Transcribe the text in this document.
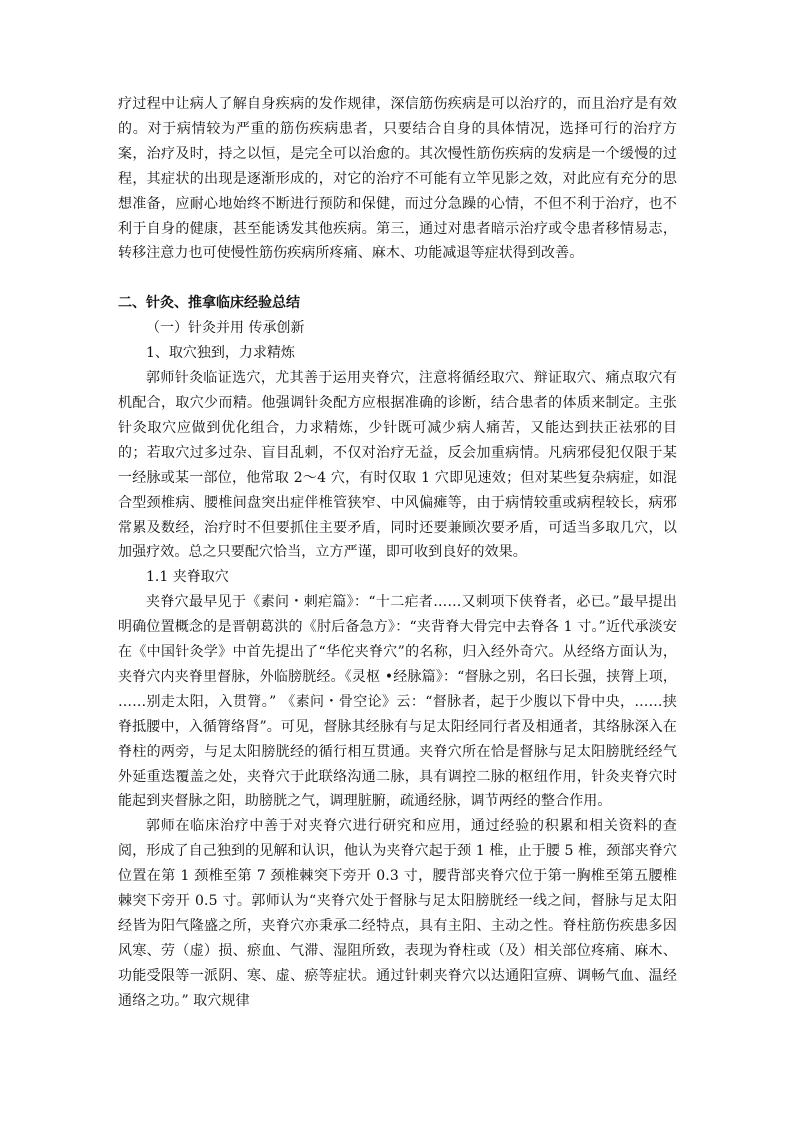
疗过程中让病人了解自身疾病的发作规律，深信筋伤疾病是可以治疗的，而且治疗是有效的。对于病情较为严重的筋伤疾病患者，只要结合自身的具体情况，选择可行的治疗方案，治疗及时，持之以恒，是完全可以治愈的。其次慢性筋伤疾病的发病是一个缓慢的过程，其症状的出现是逐渐形成的，对它的治疗不可能有立竿见影之效，对此应有充分的思想准备，应耐心地始终不断进行预防和保健，而过分急躁的心情，不但不利于治疗，也不利于自身的健康，甚至能诱发其他疾病。第三，通过对患者暗示治疗或令患者移情易志，转移注意力也可使慢性筋伤疾病所疼痛、麻木、功能减退等症状得到改善。

二、针灸、推拿临床经验总结
（一）针灸并用 传承创新
1、取穴独到，力求精炼

郭师针灸临证选穴，尤其善于运用夹脊穴，注意将循经取穴、辩证取穴、痛点取穴有机配合，取穴少而精。他强调针灸配方应根据准确的诊断，结合患者的体质来制定。主张针灸取穴应做到优化组合，力求精炼，少针既可减少病人痛苦，又能达到扶正祛邪的目的；若取穴过多过杂、盲目乱刺，不仅对治疗无益，反会加重病情。凡病邪侵犯仅限于某一经脉或某一部位，他常取 2～4 穴，有时仅取 1 穴即见速效；但对某些复杂病症，如混合型颈椎病、腰椎间盘突出症伴椎管狭窄、中风偏瘫等，由于病情较重或病程较长，病邪常累及数经，治疗时不但要抓住主要矛盾，同时还要兼顾次要矛盾，可适当多取几穴，以加强疗效。总之只要配穴恰当，立方严谨，即可收到良好的效果。

1.1 夹脊取穴

夹脊穴最早见于《素问・刺疟篇》：“十二疟者……又刺项下侠脊者，必已。”最早提出明确位置概念的是晋朝葛洪的《肘后备急方》：“夹背脊大骨完中去脊各 1 寸。”近代承淡安在《中国针灸学》中首先提出了“华佗夹脊穴”的名称，归入经外奇穴。从经络方面认为，夹脊穴内夹脊里督脉，外临膀胱经。《灵枢 •经脉篇》：“督脉之别，名曰长强，挟膂上项， ……别走太阳，入贯膂。” 《素问・骨空论》云：“督脉者，起于少腹以下骨中央，……挟脊抵腰中，入循膂络肾”。可见，督脉其经脉有与足太阳经同行者及相通者，其络脉深入在脊柱的两旁，与足太阳膀胱经的循行相互贯通。夹脊穴所在恰是督脉与足太阳膀胱经经气外延重迭覆盖之处，夹脊穴于此联络沟通二脉，具有调控二脉的枢纽作用，针灸夹脊穴时能起到夹督脉之阳，助膀胱之气，调理脏腑，疏通经脉，调节两经的整合作用。

郭师在临床治疗中善于对夹脊穴进行研究和应用，通过经验的积累和相关资料的查阅，形成了自己独到的见解和认识，他认为夹脊穴起于颈 1 椎，止于腰 5 椎，颈部夹脊穴位置在第 1 颈椎至第 7 颈椎棘突下旁开 0.3 寸，腰背部夹脊穴位于第一胸椎至第五腰椎棘突下旁开 0.5 寸。郭师认为“夹脊穴处于督脉与足太阳膀胱经一线之间，督脉与足太阳经皆为阳气隆盛之所，夹脊穴亦秉承二经特点，具有主阳、主动之性。脊柱筋伤疾患多因风寒、劳（虚）损、瘀血、气滞、湿阻所致，表现为脊柱或（及）相关部位疼痛、麻木、功能受限等一派阴、寒、虚、瘀等症状。通过针刺夹脊穴以达通阳宣痹、调畅气血、温经通络之功。” 取穴规律
